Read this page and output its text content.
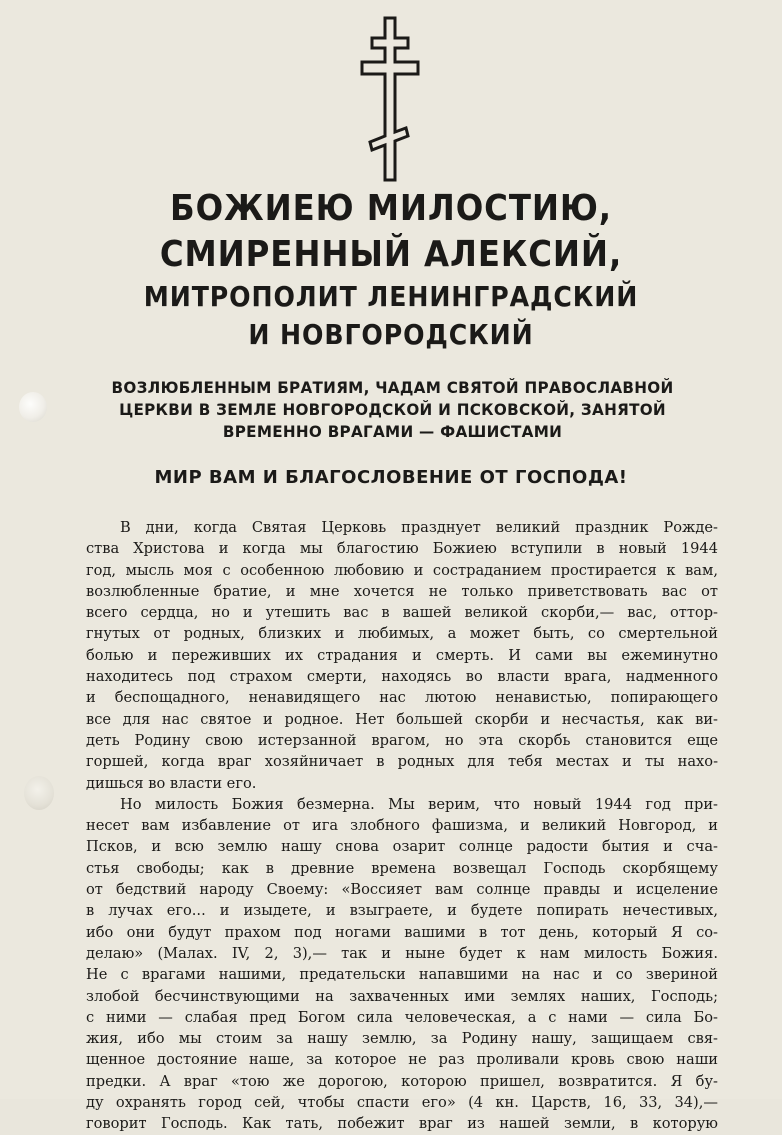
БОЖИЕЮ МИЛОСТИЮ,
СМИРЕННЫЙ АЛЕКСИЙ,
МИТРОПОЛИТ ЛЕНИНГРАДСКИЙ
И НОВГОРОДСКИЙ
ВОЗЛЮБЛЕННЫМ БРАТИЯМ, ЧАДАМ СВЯТОЙ ПРАВОСЛАВНОЙ
ЦЕРКВИ В ЗЕМЛЕ НОВГОРОДСКОЙ И ПСКОВСКОЙ, ЗАНЯТОЙ
ВРЕМЕННО ВРАГАМИ — ФАШИСТАМИ
МИР ВАМ И БЛАГОСЛОВЕНИЕ ОТ ГОСПОДА!
В дни, когда Святая Церковь празднует великий праздник Рожде-
ства Христова и когда мы благостию Божиею вступили в новый 1944
год, мысль моя с особенною любовию и состраданием простирается к вам,
возлюбленные братие, и мне хочется не только приветствовать вас от
всего сердца, но и утешить вас в вашей великой скорби,— вас, оттор-
гнутых от родных, близких и любимых, а может быть, со смертельной
болью и переживших их страдания и смерть. И сами вы ежеминутно
находитесь под страхом смерти, находясь во власти врага, надменного
и беспощадного, ненавидящего нас лютою ненавистью, попирающего
все для нас святое и родное. Нет большей скорби и несчастья, как ви-
деть Родину свою истерзанной врагом, но эта скорбь становится еще
горшей, когда враг хозяйничает в родных для тебя местах и ты нахо-
дишься во власти его.
Но милость Божия безмерна. Мы верим, что новый 1944 год при-
несет вам избавление от ига злобного фашизма, и великий Новгород, и
Псков, и всю землю нашу снова озарит солнце радости бытия и сча-
стья свободы; как в древние времена возвещал Господь скорбящему
от бедствий народу Своему: «Воссияет вам солнце правды и исцеление
в лучах его... и изыдете, и взыграете, и будете попирать нечестивых,
ибо они будут прахом под ногами вашими в тот день, который Я со-
делаю» (Малах. IV, 2, 3),— так и ныне будет к нам милость Божия.
Не с врагами нашими, предательски напавшими на нас и со звериной
злобой бесчинствующими на захваченных ими землях наших, Господь;
с ними — слабая пред Богом сила человеческая, а с нами — сила Бо-
жия, ибо мы стоим за нашу землю, за Родину нашу, защищаем свя-
щенное достояние наше, за которое не раз проливали кровь свою наши
предки. А враг «тою же дорогою, которою пришел, возвратится. Я бу-
ду охранять город сей, чтобы спасти его» (4 кн. Царств, 16, 33, 34),—
говорит Господь. Как тать, побежит враг из нашей земли, в которую
